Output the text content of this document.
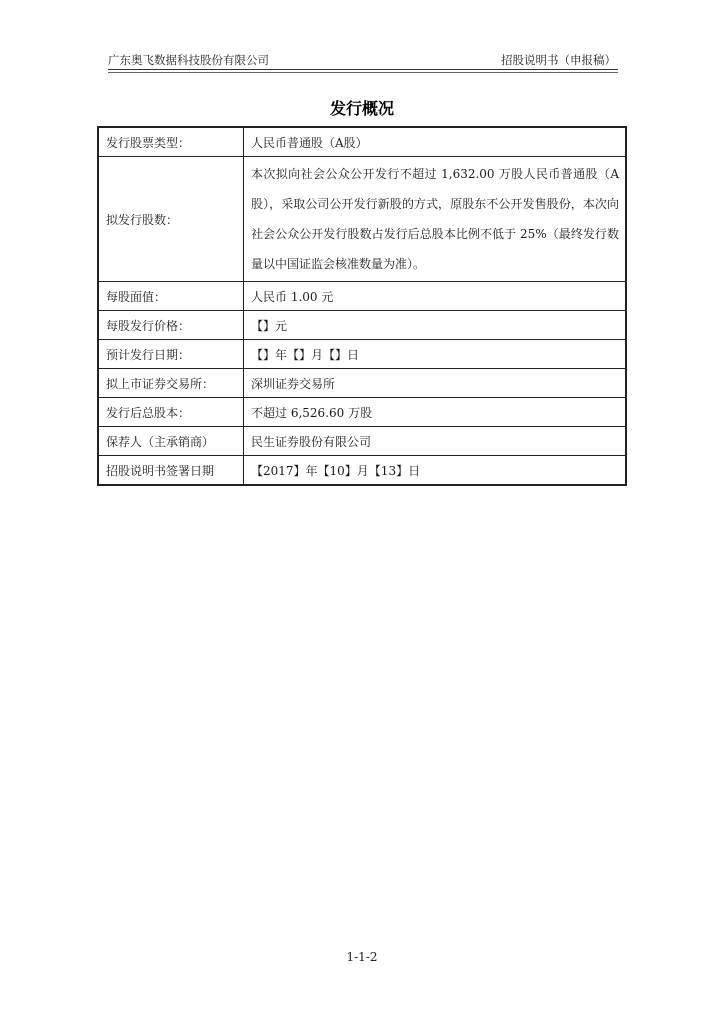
广东奥飞数据科技股份有限公司	招股说明书（申报稿）
发行概况
发行股票类型：	人民币普通股（A股）
拟发行股数：	本次拟向社会公众公开发行不超过 1,632.00 万股人民币普通股（A股），采取公司公开发行新股的方式，原股东不公开发售股份，本次向社会公众公开发行股数占发行后总股本比例不低于 25%（最终发行数量以中国证监会核准数量为准）。
每股面值：	人民币 1.00 元
每股发行价格：	【】元
预计发行日期：	【】年【】月【】日
拟上市证券交易所：	深圳证券交易所
发行后总股本：	不超过 6,526.60 万股
保荐人（主承销商）	民生证券股份有限公司
招股说明书签署日期	【2017】年【10】月【13】日
1-1-2
